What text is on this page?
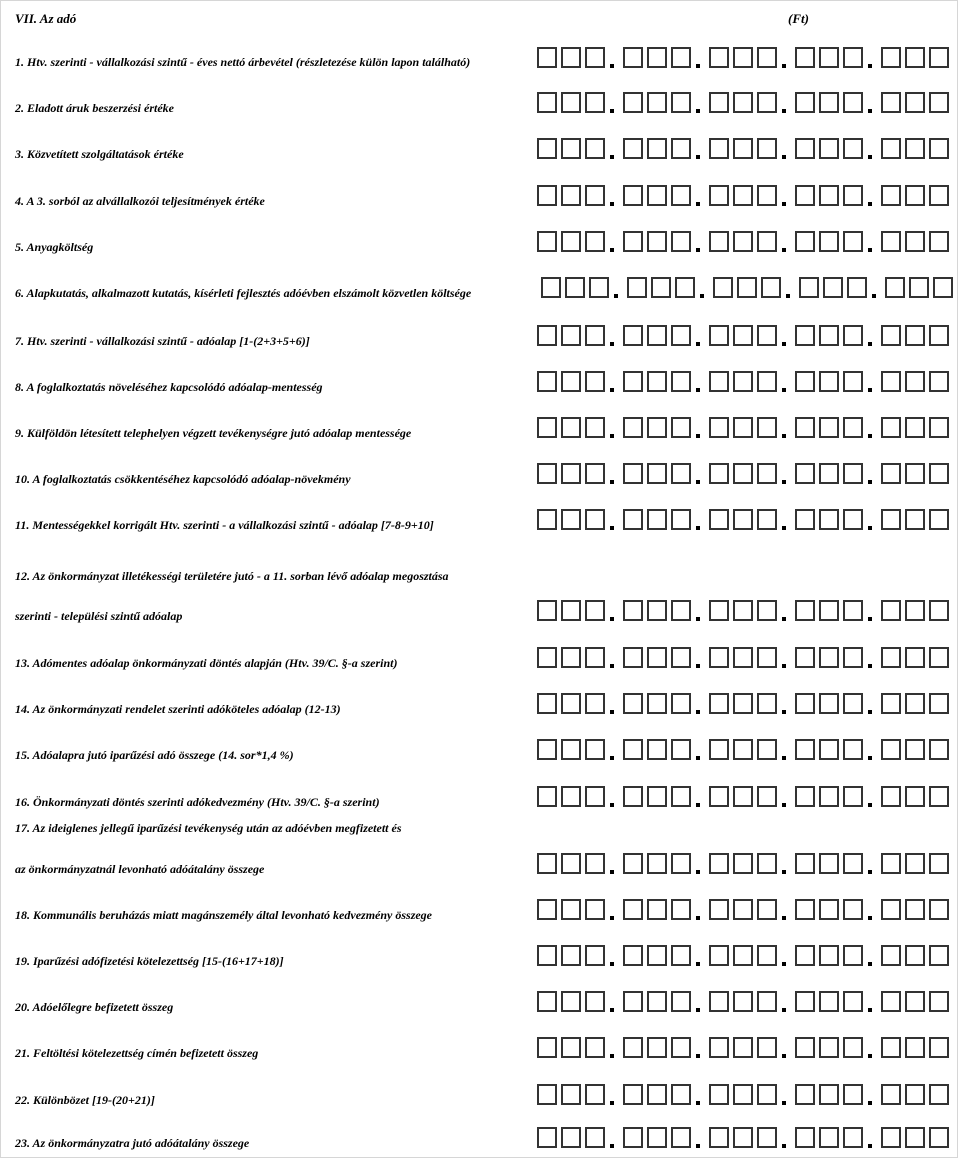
VII. Az adó	(Ft)
1. Htv. szerinti - vállalkozási szintű - éves nettó árbevétel (részletezése külön lapon található)
2. Eladott áruk beszerzési értéke
3. Közvetített szolgáltatások értéke
4. A 3. sorból az alvállalkozói teljesítmények értéke
5. Anyagköltség
6. Alapkutatás, alkalmazott kutatás, kísérleti fejlesztés adóévben elszámolt közvetlen költsége
7. Htv. szerinti - vállalkozási szintű - adóalap [1-(2+3+5+6)]
8. A foglalkoztatás növeléséhez kapcsolódó adóalap-mentesség
9. Külföldön létesített telephelyen végzett tevékenységre jutó adóalap mentessége
10. A foglalkoztatás csökkentéséhez kapcsolódó adóalap-növekmény
11. Mentességekkel korrigált Htv. szerinti - a vállalkozási szintű - adóalap [7-8-9+10]
12. Az önkormányzat illetékességi területére jutó - a 11. sorban lévő adóalap megosztása
szerinti - települési szintű adóalap
13. Adómentes adóalap önkormányzati döntés alapján (Htv. 39/C. §-a szerint)
14. Az önkormányzati rendelet szerinti adóköteles adóalap (12-13)
15. Adóalapra jutó iparűzési adó összege (14. sor*1,4 %)
16. Önkormányzati döntés szerinti adókedvezmény (Htv. 39/C. §-a szerint)
17. Az ideiglenes jellegű iparűzési tevékenység után az adóévben megfizetett és
az önkormányzatnál levonható adóátalány összege
18. Kommunális beruházás miatt magánszemély által levonható kedvezmény összege
19. Iparűzési adófizetési kötelezettség [15-(16+17+18)]
20. Adóelőlegre befizetett összeg
21. Feltöltési kötelezettség címén befizetett összeg
22. Különbözet [19-(20+21)]
23. Az önkormányzatra jutó adóátalány összege
